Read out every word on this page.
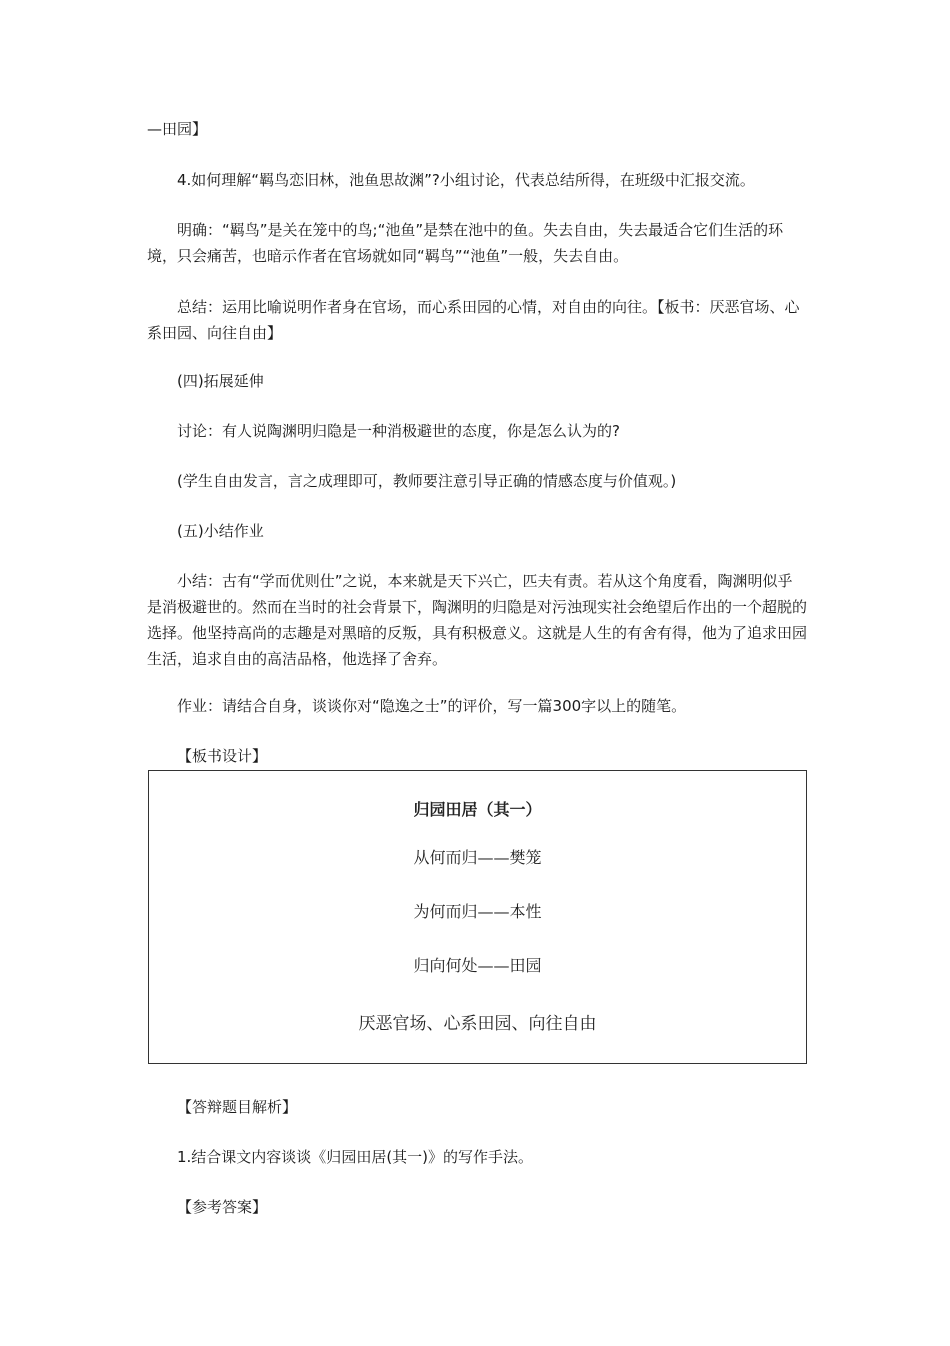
—田园】

4.如何理解“羁鸟恋旧林，池鱼思故渊”?小组讨论，代表总结所得，在班级中汇报交流。

明确：“羁鸟”是关在笼中的鸟;“池鱼”是禁在池中的鱼。失去自由，失去最适合它们生活的环境，只会痛苦，也暗示作者在官场就如同“羁鸟”“池鱼”一般，失去自由。

总结：运用比喻说明作者身在官场，而心系田园的心情，对自由的向往。【板书：厌恶官场、心系田园、向往自由】

(四)拓展延伸

讨论：有人说陶渊明归隐是一种消极避世的态度，你是怎么认为的?

(学生自由发言，言之成理即可，教师要注意引导正确的情感态度与价值观。)

(五)小结作业

小结：古有“学而优则仕”之说，本来就是天下兴亡，匹夫有责。若从这个角度看，陶渊明似乎是消极避世的。然而在当时的社会背景下，陶渊明的归隐是对污浊现实社会绝望后作出的一个超脱的选择。他坚持高尚的志趣是对黑暗的反叛，具有积极意义。这就是人生的有舍有得，他为了追求田园生活，追求自由的高洁品格，他选择了舍弃。

作业：请结合自身，谈谈你对“隐逸之士”的评价，写一篇300字以上的随笔。

【板书设计】

归园田居（其一）
从何而归——樊笼
为何而归——本性
归向何处——田园
厌恶官场、心系田园、向往自由

【答辩题目解析】

1.结合课文内容谈谈《归园田居(其一)》的写作手法。

【参考答案】
